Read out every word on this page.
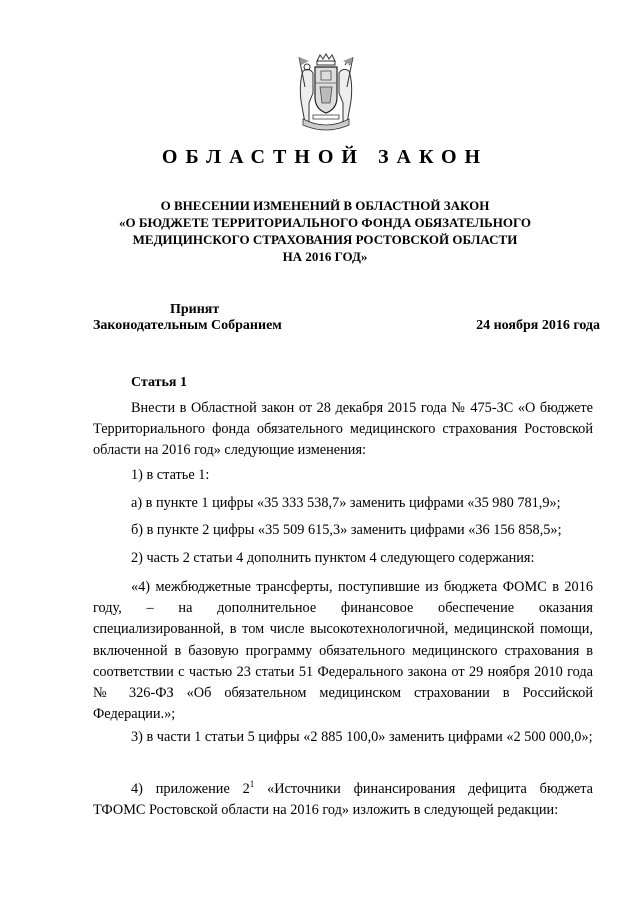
ОБЛАСТНОЙ ЗАКОН
О ВНЕСЕНИИ ИЗМЕНЕНИЙ В ОБЛАСТНОЙ ЗАКОН
«О БЮДЖЕТЕ ТЕРРИТОРИАЛЬНОГО ФОНДА ОБЯЗАТЕЛЬНОГО
МЕДИЦИНСКОГО СТРАХОВАНИЯ РОСТОВСКОЙ ОБЛАСТИ
НА 2016 ГОД»
Принят
Законодательным Собранием	24 ноября 2016 года
Статья 1

Внести в Областной закон от 28 декабря 2015 года № 475-ЗС «О бюджете Территориального фонда обязательного медицинского страхования Ростовской области на 2016 год» следующие изменения:

1) в статье 1:

а) в пункте 1 цифры «35 333 538,7» заменить цифрами «35 980 781,9»;

б) в пункте 2 цифры «35 509 615,3» заменить цифрами «36 156 858,5»;

2) часть 2 статьи 4 дополнить пунктом 4 следующего содержания:

«4) межбюджетные трансферты, поступившие из бюджета ФОМС в 2016 году, – на дополнительное финансовое обеспечение оказания специализированной, в том числе высокотехнологичной, медицинской помощи, включенной в базовую программу обязательного медицинского страхования в соответствии с частью 23 статьи 51 Федерального закона от 29 ноября 2010 года № 326-ФЗ «Об обязательном медицинском страховании в Российской Федерации.»;

3) в части 1 статьи 5 цифры «2 885 100,0» заменить цифрами «2 500 000,0»;

4) приложение $2^1$ «Источники финансирования дефицита бюджета ТФОМС Ростовской области на 2016 год» изложить в следующей редакции:
